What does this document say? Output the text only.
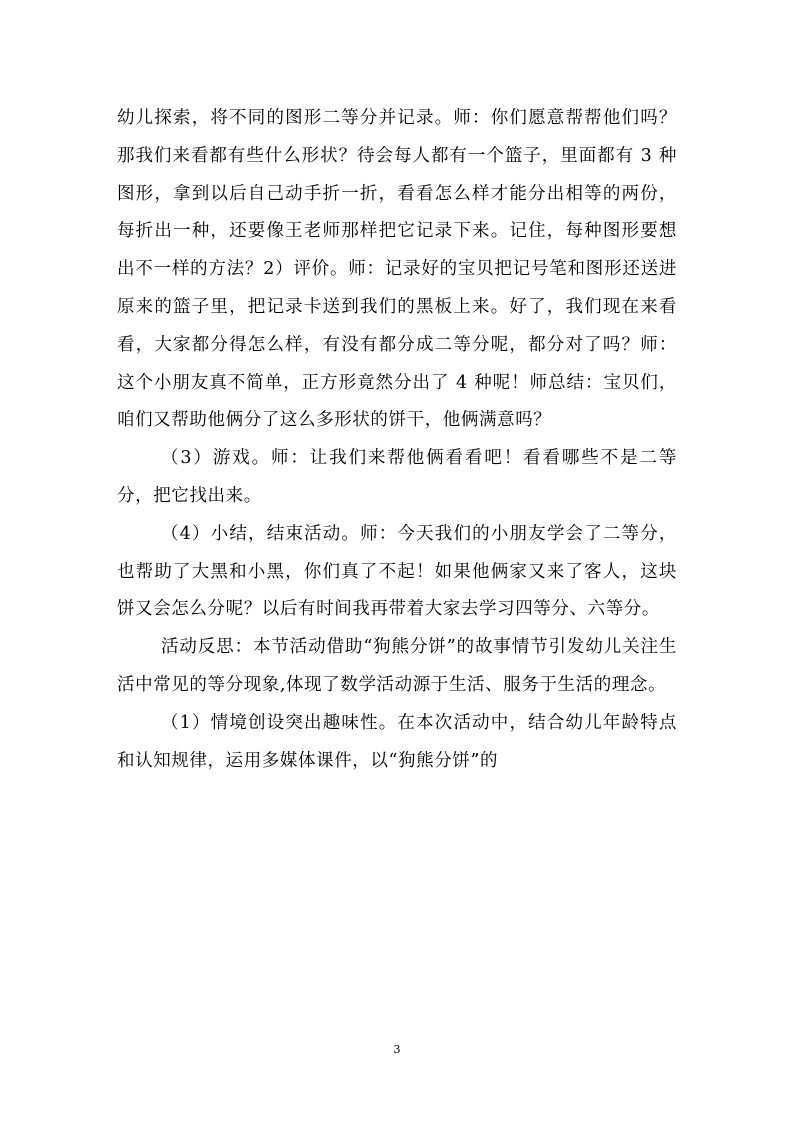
幼儿探索，将不同的图形二等分并记录。师：你们愿意帮帮他们吗？那我们来看都有些什么形状？待会每人都有一个篮子，里面都有 3 种图形，拿到以后自己动手折一折，看看怎么样才能分出相等的两份，每折出一种，还要像王老师那样把它记录下来。记住，每种图形要想出不一样的方法？2）评价。师：记录好的宝贝把记号笔和图形还送进原来的篮子里，把记录卡送到我们的黑板上来。好了，我们现在来看看，大家都分得怎么样，有没有都分成二等分呢，都分对了吗？师：这个小朋友真不简单，正方形竟然分出了 4 种呢！师总结：宝贝们，咱们又帮助他俩分了这么多形状的饼干，他俩满意吗？

（3）游戏。师：让我们来帮他俩看看吧！看看哪些不是二等分，把它找出来。

（4）小结，结束活动。师：今天我们的小朋友学会了二等分，也帮助了大黑和小黑，你们真了不起！如果他俩家又来了客人，这块饼又会怎么分呢？以后有时间我再带着大家去学习四等分、六等分。

活动反思：本节活动借助“狗熊分饼”的故事情节引发幼儿关注生活中常见的等分现象,体现了数学活动源于生活、服务于生活的理念。

（1）情境创设突出趣味性。在本次活动中，结合幼儿年龄特点和认知规律，运用多媒体课件，以“狗熊分饼”的

3
